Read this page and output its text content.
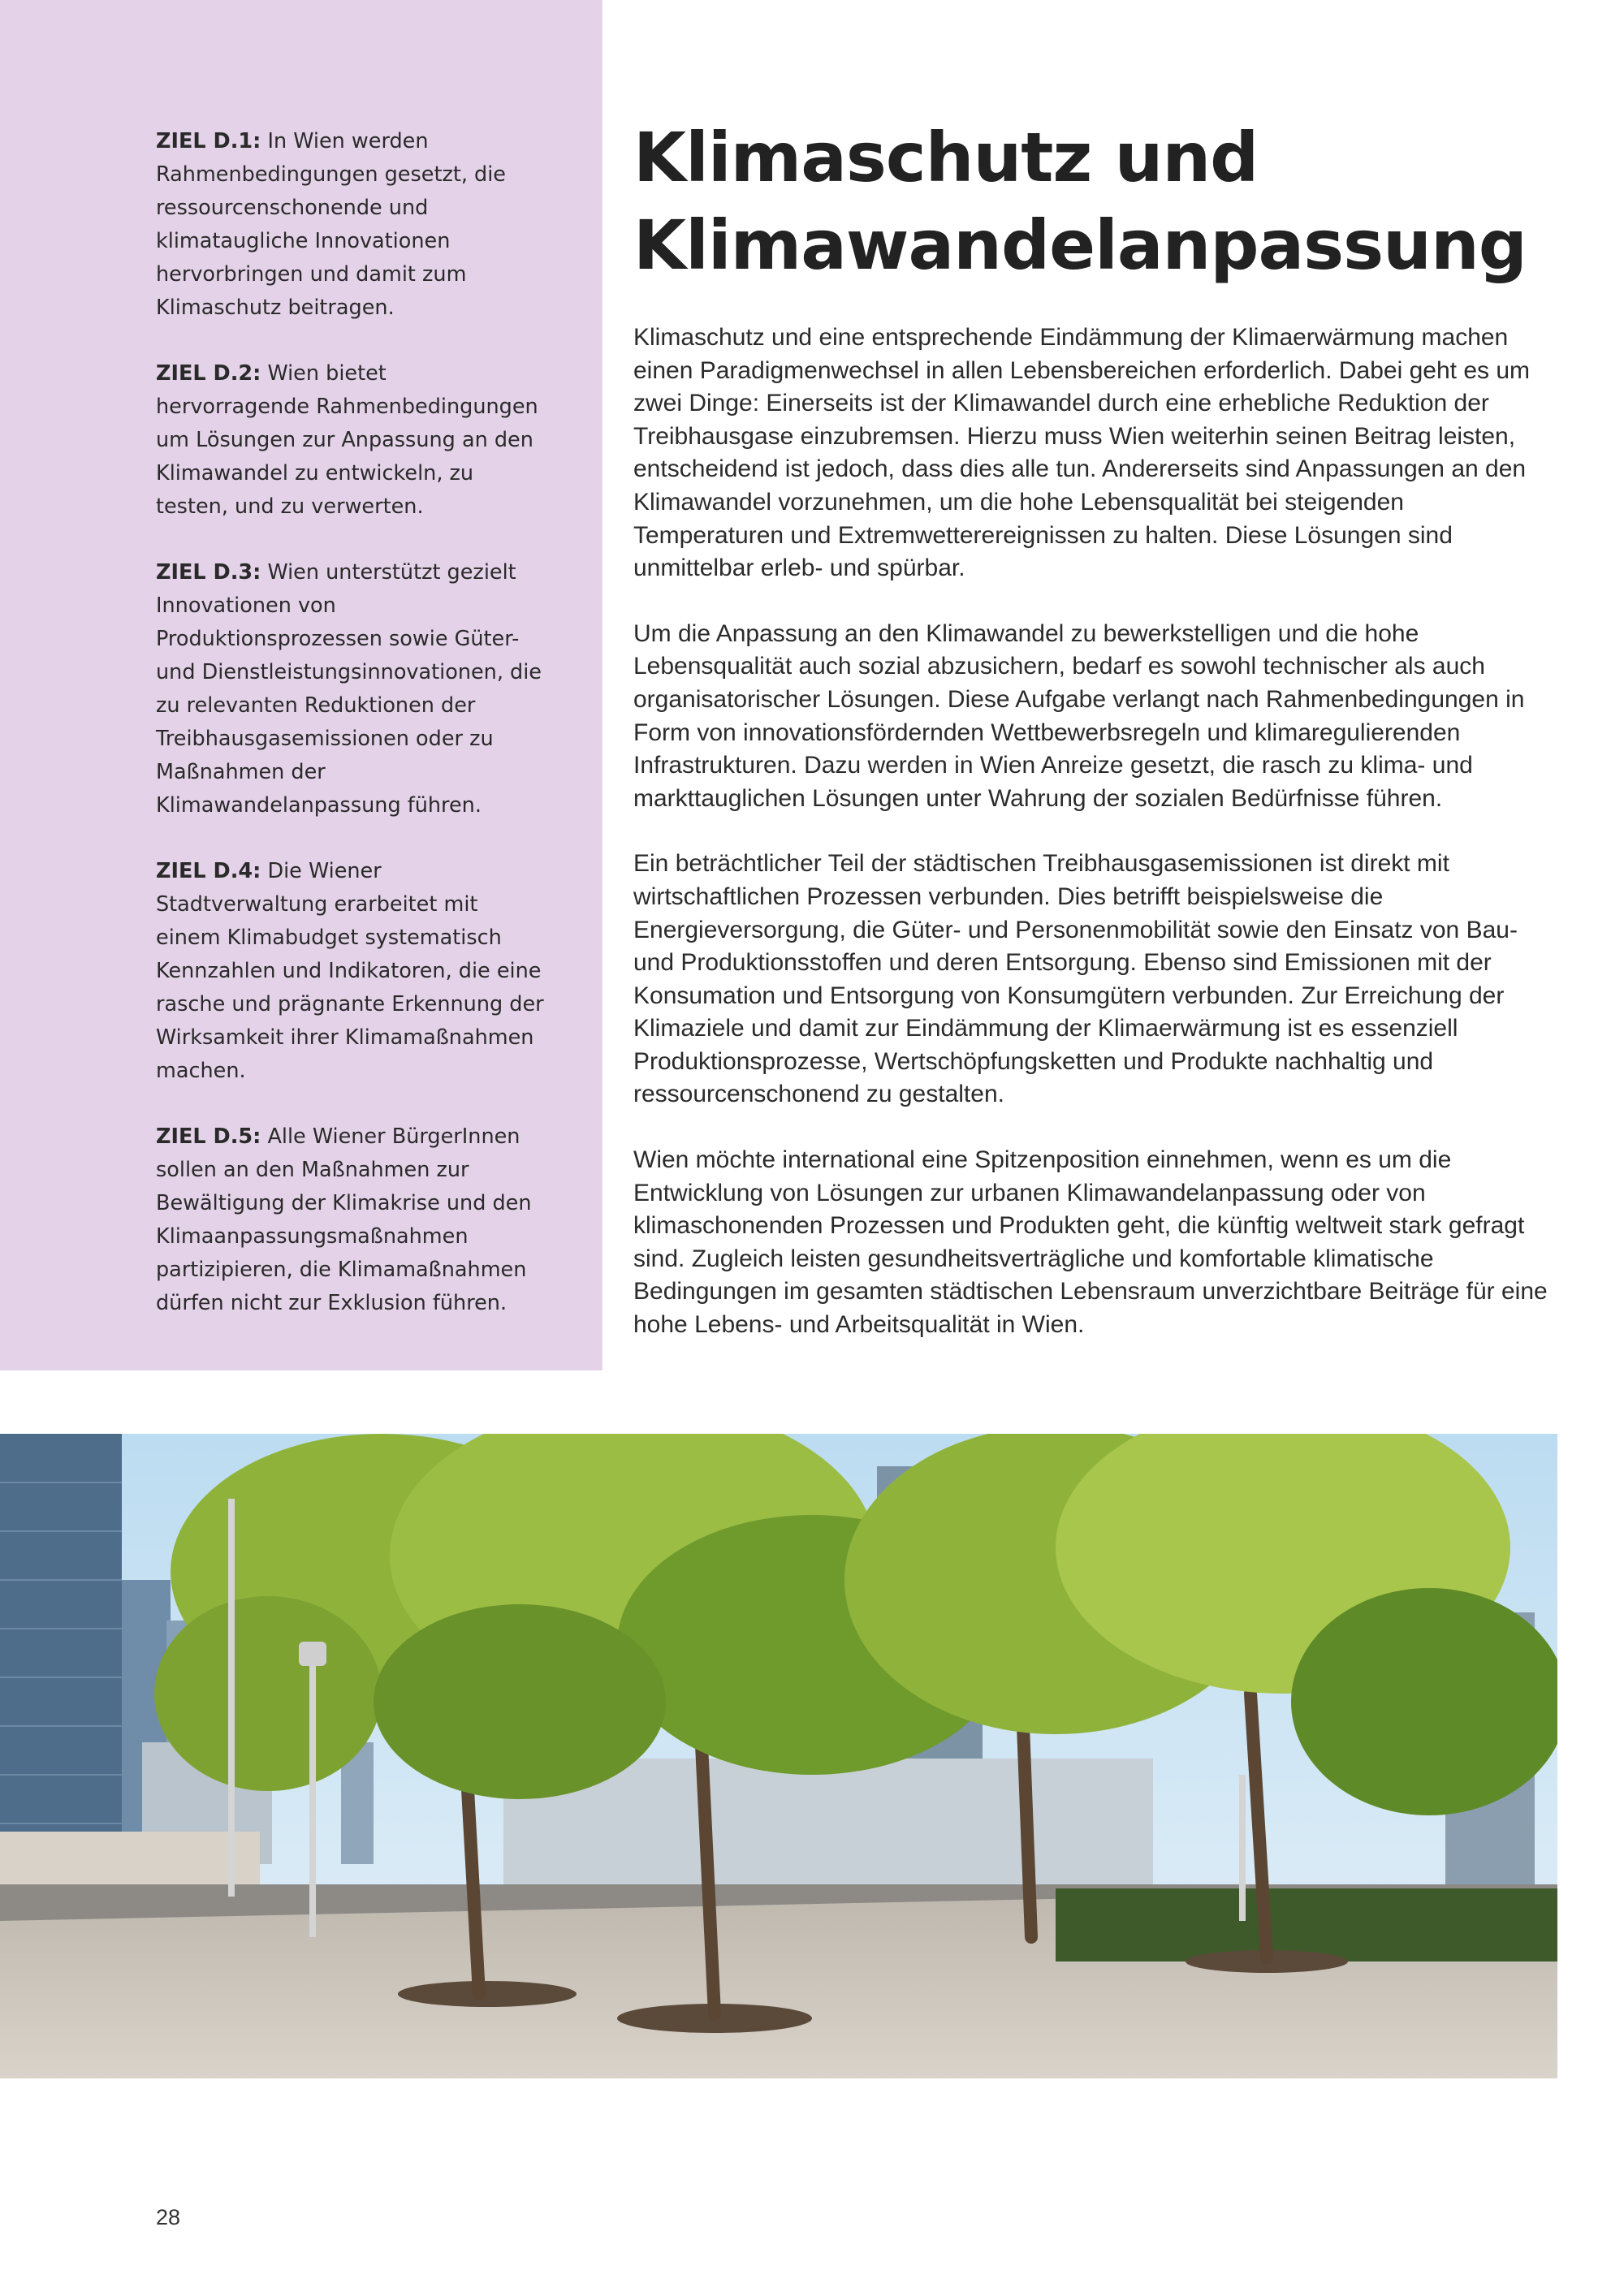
ZIEL D.1: In Wien werden Rahmenbedingungen gesetzt, die ressourcenschonende und klimataugliche Innovationen hervorbringen und damit zum Klimaschutz beitragen.

ZIEL D.2: Wien bietet hervorragende Rahmenbedingungen um Lösungen zur Anpassung an den Klimawandel zu entwickeln, zu testen, und zu verwerten.

ZIEL D.3: Wien unterstützt gezielt Innovationen von Produktionsprozessen sowie Güter- und Dienstleistungsinnovationen, die zu relevanten Reduktionen der Treibhausgasemissionen oder zu Maßnahmen der Klimawandelanpassung führen.

ZIEL D.4: Die Wiener Stadtverwaltung erarbeitet mit einem Klimabudget systematisch Kennzahlen und Indikatoren, die eine rasche und prägnante Erkennung der Wirksamkeit ihrer Klimamaßnahmen machen.

ZIEL D.5: Alle Wiener BürgerInnen sollen an den Maßnahmen zur Bewältigung der Klimakrise und den Klimaanpassungsmaßnahmen partizipieren, die Klimamaßnahmen dürfen nicht zur Exklusion führen.

Klimaschutz und
Klimawandelanpassung

Klimaschutz und eine entsprechende Eindämmung der Klimaerwärmung machen einen Paradigmenwechsel in allen Lebensbereichen erforderlich. Dabei geht es um zwei Dinge: Einerseits ist der Klimawandel durch eine erhebliche Reduktion der Treibhausgase einzubremsen. Hierzu muss Wien weiterhin seinen Beitrag leisten, entscheidend ist jedoch, dass dies alle tun. Andererseits sind Anpassungen an den Klimawandel vorzunehmen, um die hohe Lebensqualität bei steigenden Temperaturen und Extremwetterereignissen zu halten. Diese Lösungen sind unmittelbar erleb- und spürbar.

Um die Anpassung an den Klimawandel zu bewerkstelligen und die hohe Lebensqualität auch sozial abzusichern, bedarf es sowohl technischer als auch organisatorischer Lösungen. Diese Aufgabe verlangt nach Rahmenbedingungen in Form von innovationsfördernden Wettbewerbsregeln und klimaregulierenden Infrastrukturen. Dazu werden in Wien Anreize gesetzt, die rasch zu klima- und markttauglichen Lösungen unter Wahrung der sozialen Bedürfnisse führen.

Ein beträchtlicher Teil der städtischen Treibhausgasemissionen ist direkt mit wirtschaftlichen Prozessen verbunden. Dies betrifft beispielsweise die Energieversorgung, die Güter- und Personenmobilität sowie den Einsatz von Bau- und Produktionsstoffen und deren Entsorgung. Ebenso sind Emissionen mit der Konsumation und Entsorgung von Konsumgütern verbunden. Zur Erreichung der Klimaziele und damit zur Eindämmung der Klimaerwärmung ist es essenziell Produktionsprozesse, Wertschöpfungsketten und Produkte nachhaltig und ressourcenschonend zu gestalten.

Wien möchte international eine Spitzenposition einnehmen, wenn es um die Entwicklung von Lösungen zur urbanen Klimawandelanpassung oder von klimaschonenden Prozessen und Produkten geht, die künftig weltweit stark gefragt sind. Zugleich leisten gesundheitsverträgliche und komfortable klimatische Bedingungen im gesamten städtischen Lebensraum unverzichtbare Beiträge für eine hohe Lebens- und Arbeitsqualität in Wien.

28
